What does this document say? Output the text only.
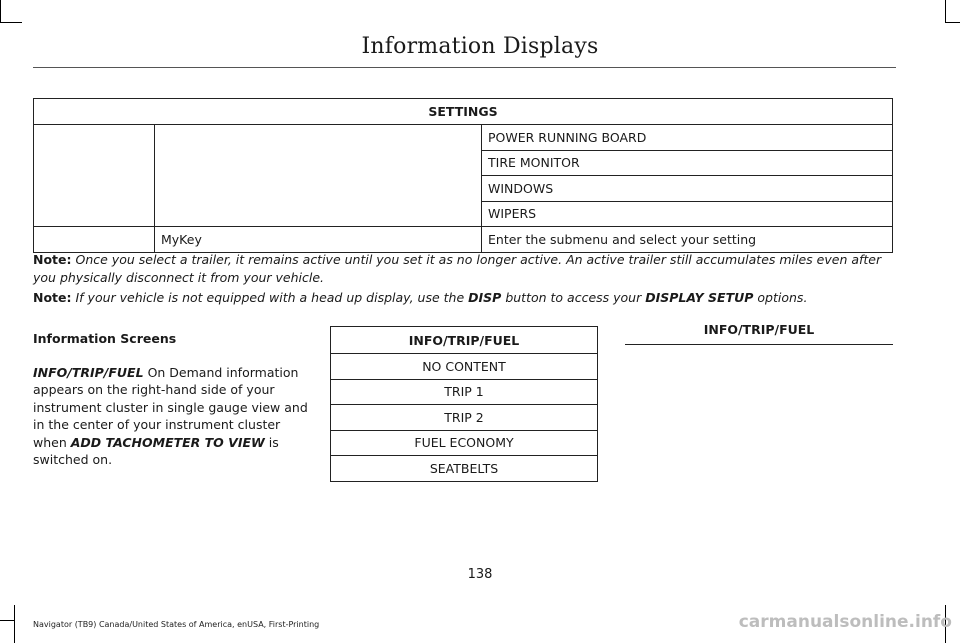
Information Displays
SETTINGS		
		POWER RUNNING BOARD
		TIRE MONITOR
		WINDOWS
		WIPERS
	MyKey	Enter the submenu and select your setting
Note: Once you select a trailer, it remains active until you set it as no longer active. An active trailer still accumulates miles even after you physically disconnect it from your vehicle.
Note: If your vehicle is not equipped with a head up display, use the DISP button to access your DISPLAY SETUP options.
Information Screens

INFO/TRIP/FUEL On Demand information appears on the right-hand side of your instrument cluster in single gauge view and in the center of your instrument cluster when ADD TACHOMETER TO VIEW is switched on.

INFO/TRIP/FUEL
NO CONTENT
TRIP 1
TRIP 2
FUEL ECONOMY
SEATBELTS
INFO/TRIP/FUEL
138
Navigator (TB9) Canada/United States of America, enUSA, First-Printing	carmanualsonline.info
